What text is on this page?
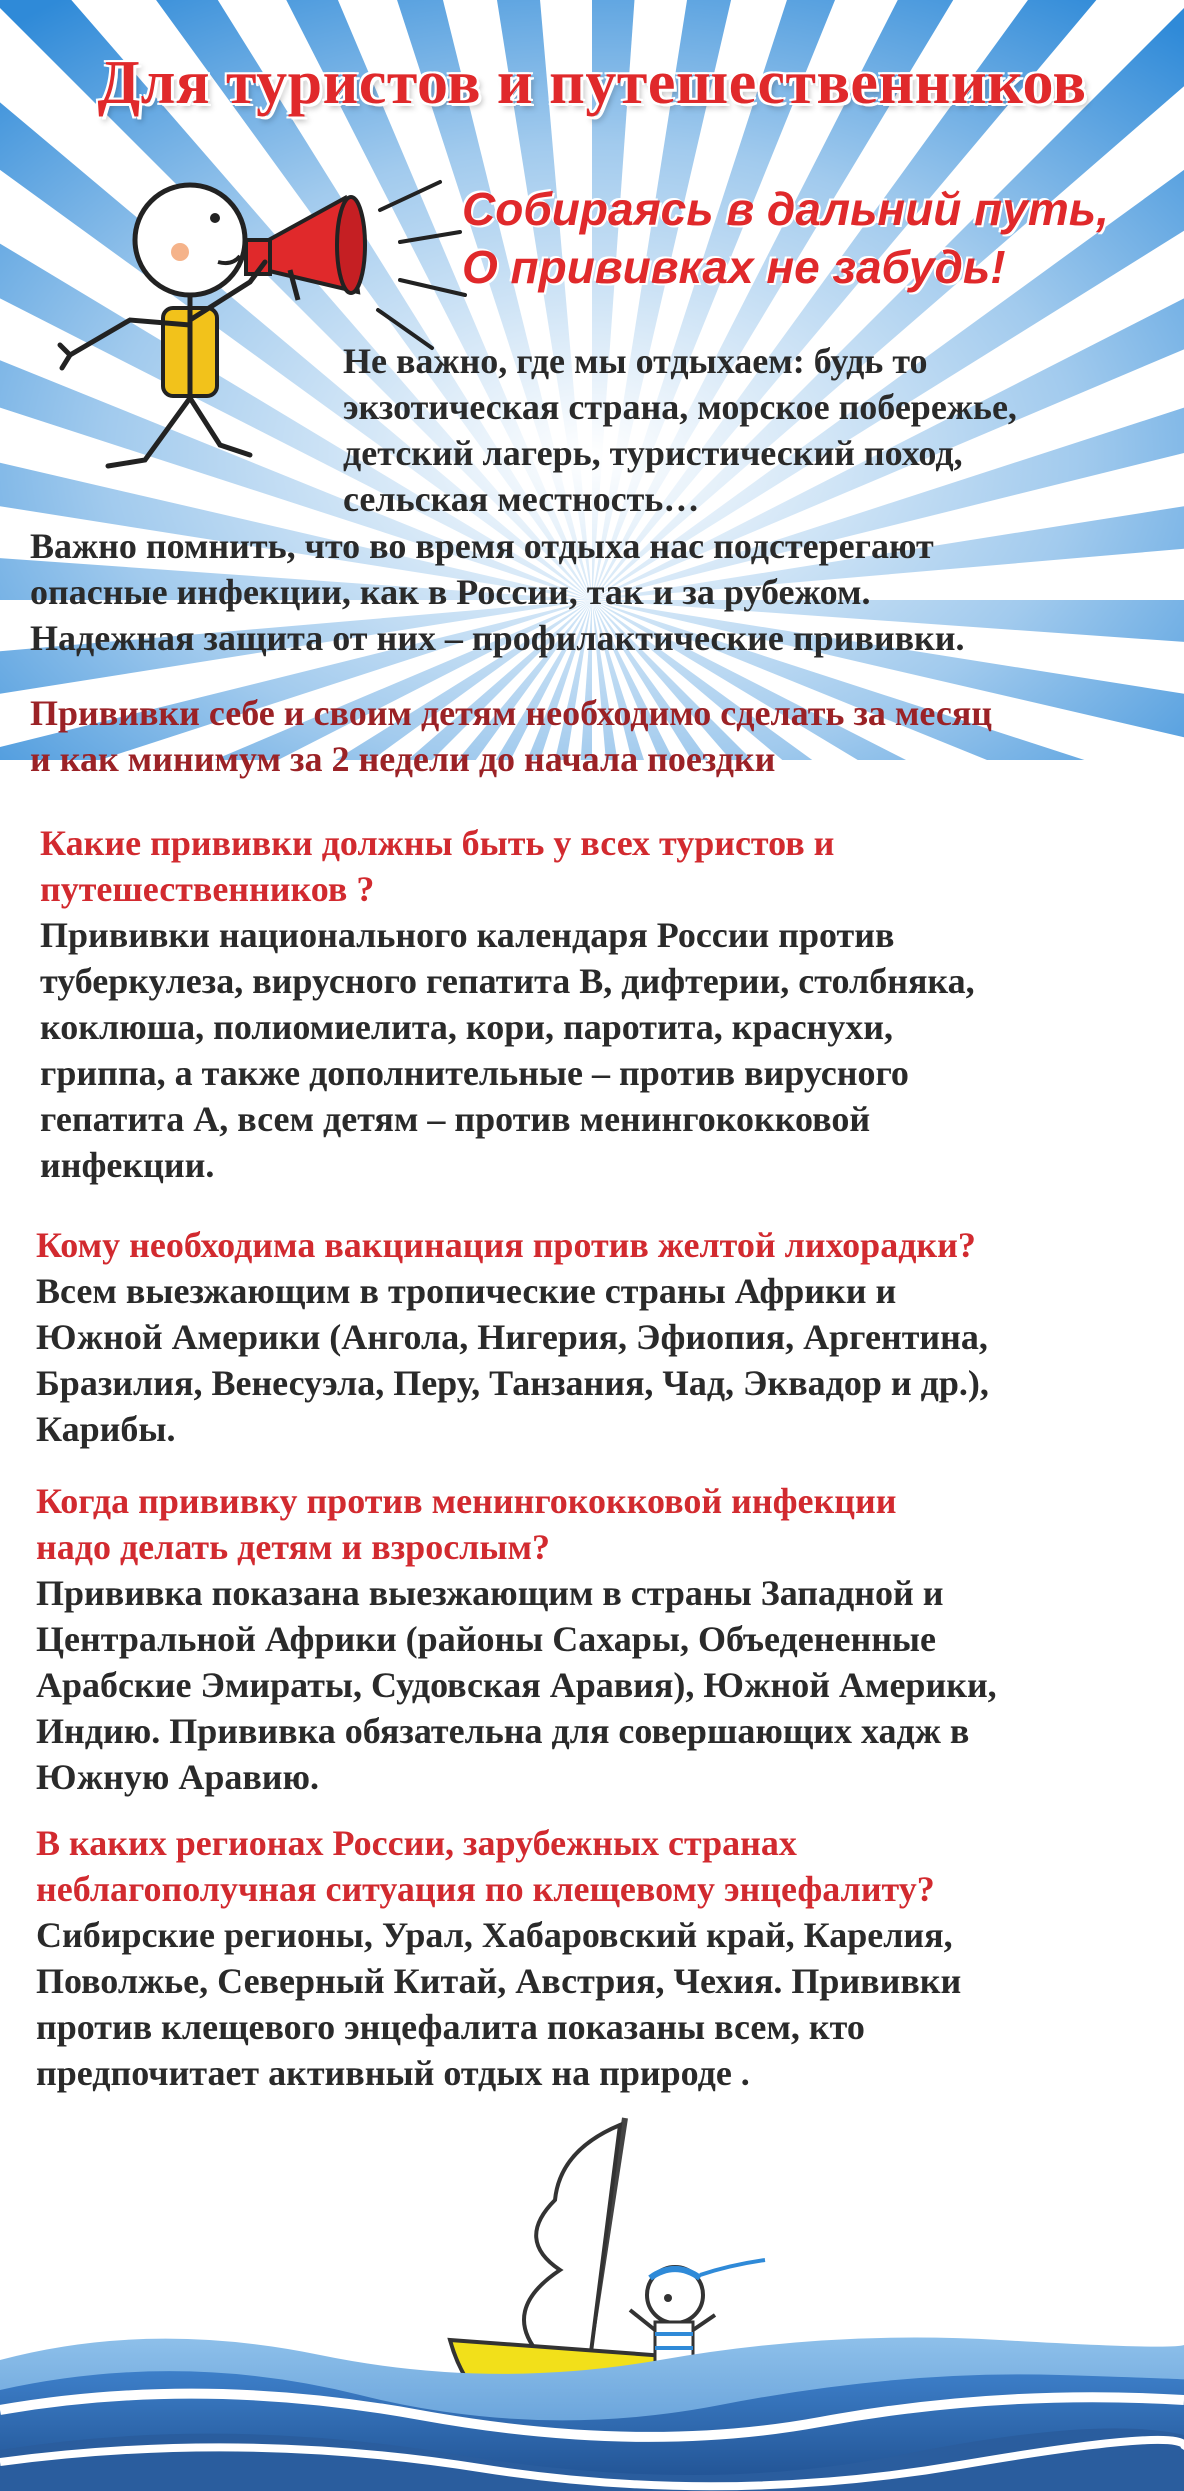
Для туристов и путешественников
Собираясь в дальний путь,
О прививках не забудь!
Не важно, где мы отдыхаем: будь то
экзотическая страна, морское побережье,
детский лагерь, туристический поход,
сельская местность…
Важно помнить, что во время отдыха нас подстерегают
опасные инфекции, как в России, так и за рубежом.
Надежная защита от них – профилактические прививки.
Прививки себе и своим детям необходимо сделать за месяц
и как минимум за 2 недели до начала поездки
Какие прививки должны быть у всех туристов и
путешественников ?
Прививки национального календаря России против
туберкулеза, вирусного гепатита В, дифтерии, столбняка,
коклюша, полиомиелита, кори, паротита, краснухи,
гриппа, а также дополнительные – против вирусного
гепатита А, всем детям – против менингококковой
инфекции.
Кому необходима вакцинация против желтой лихорадки?
Всем выезжающим в тропические страны Африки и
Южной Америки (Ангола, Нигерия, Эфиопия, Аргентина,
Бразилия, Венесуэла, Перу, Танзания, Чад, Эквадор и др.),
Карибы.
Когда прививку против менингококковой инфекции
надо делать детям и взрослым?
Прививка показана выезжающим в страны Западной и
Центральной Африки (районы Сахары, Объедененные
Арабские Эмираты, Судовская Аравия), Южной Америки,
Индию. Прививка обязательна для совершающих хадж в
Южную Аравию.
В каких регионах России, зарубежных странах
неблагополучная ситуация по клещевому энцефалиту?
Сибирские регионы, Урал, Хабаровский край, Карелия,
Поволжье, Северный Китай, Австрия, Чехия. Прививки
против клещевого энцефалита показаны всем, кто
предпочитает активный отдых на природе .
